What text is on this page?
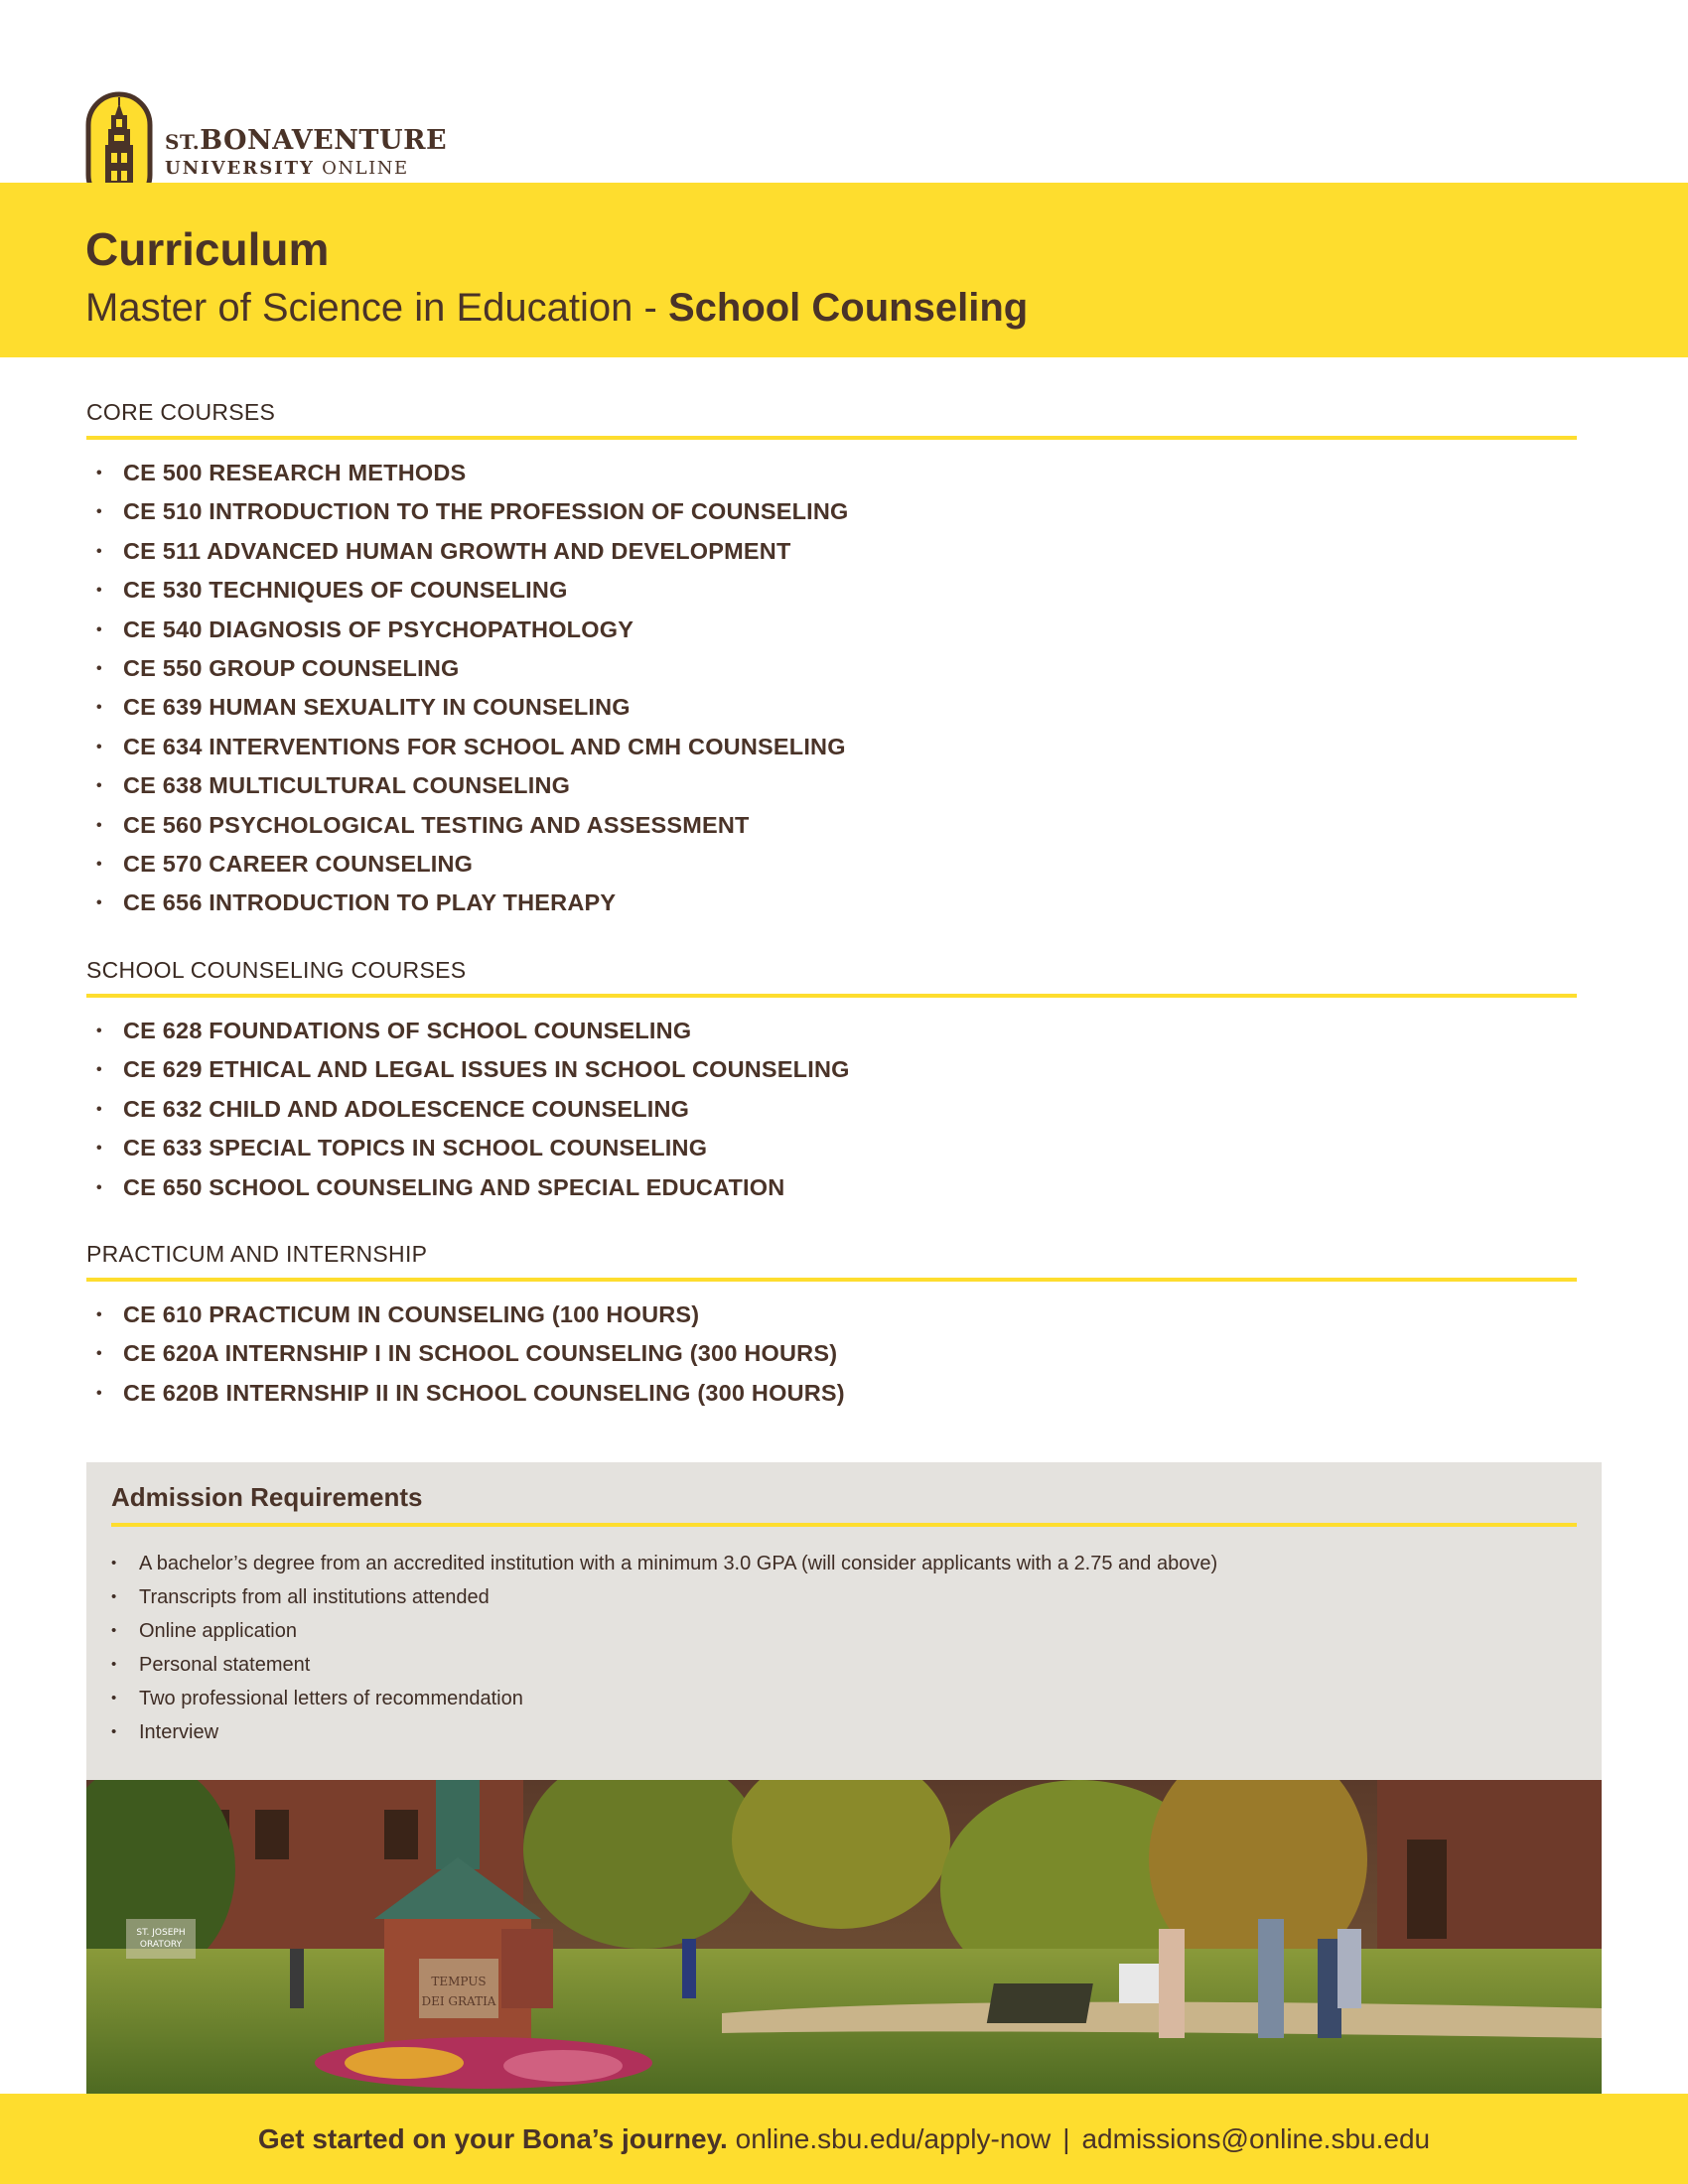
ST.BONAVENTURE
UNIVERSITY ONLINE
Curriculum
Master of Science in Education - School Counseling
CORE COURSES
• CE 500 RESEARCH METHODS
• CE 510 INTRODUCTION TO THE PROFESSION OF COUNSELING
• CE 511 ADVANCED HUMAN GROWTH AND DEVELOPMENT
• CE 530 TECHNIQUES OF COUNSELING
• CE 540 DIAGNOSIS OF PSYCHOPATHOLOGY
• CE 550 GROUP COUNSELING
• CE 639 HUMAN SEXUALITY IN COUNSELING
• CE 634 INTERVENTIONS FOR SCHOOL AND CMH COUNSELING
• CE 638 MULTICULTURAL COUNSELING
• CE 560 PSYCHOLOGICAL TESTING AND ASSESSMENT
• CE 570 CAREER COUNSELING
• CE 656 INTRODUCTION TO PLAY THERAPY
SCHOOL COUNSELING COURSES
• CE 628 FOUNDATIONS OF SCHOOL COUNSELING
• CE 629 ETHICAL AND LEGAL ISSUES IN SCHOOL COUNSELING
• CE 632 CHILD AND ADOLESCENCE COUNSELING
• CE 633 SPECIAL TOPICS IN SCHOOL COUNSELING
• CE 650 SCHOOL COUNSELING AND SPECIAL EDUCATION
PRACTICUM AND INTERNSHIP
• CE 610 PRACTICUM IN COUNSELING (100 HOURS)
• CE 620A INTERNSHIP I IN SCHOOL COUNSELING (300 HOURS)
• CE 620B INTERNSHIP II IN SCHOOL COUNSELING (300 HOURS)
Admission Requirements
• A bachelor’s degree from an accredited institution with a minimum 3.0 GPA (will consider applicants with a 2.75 and above)
• Transcripts from all institutions attended
• Online application
• Personal statement
• Two professional letters of recommendation
• Interview
TEMPUS
DEI GRATIA
ST. JOSEPH
ORATORY
Get started on your Bona’s journey. online.sbu.edu/apply-now | admissions@online.sbu.edu
